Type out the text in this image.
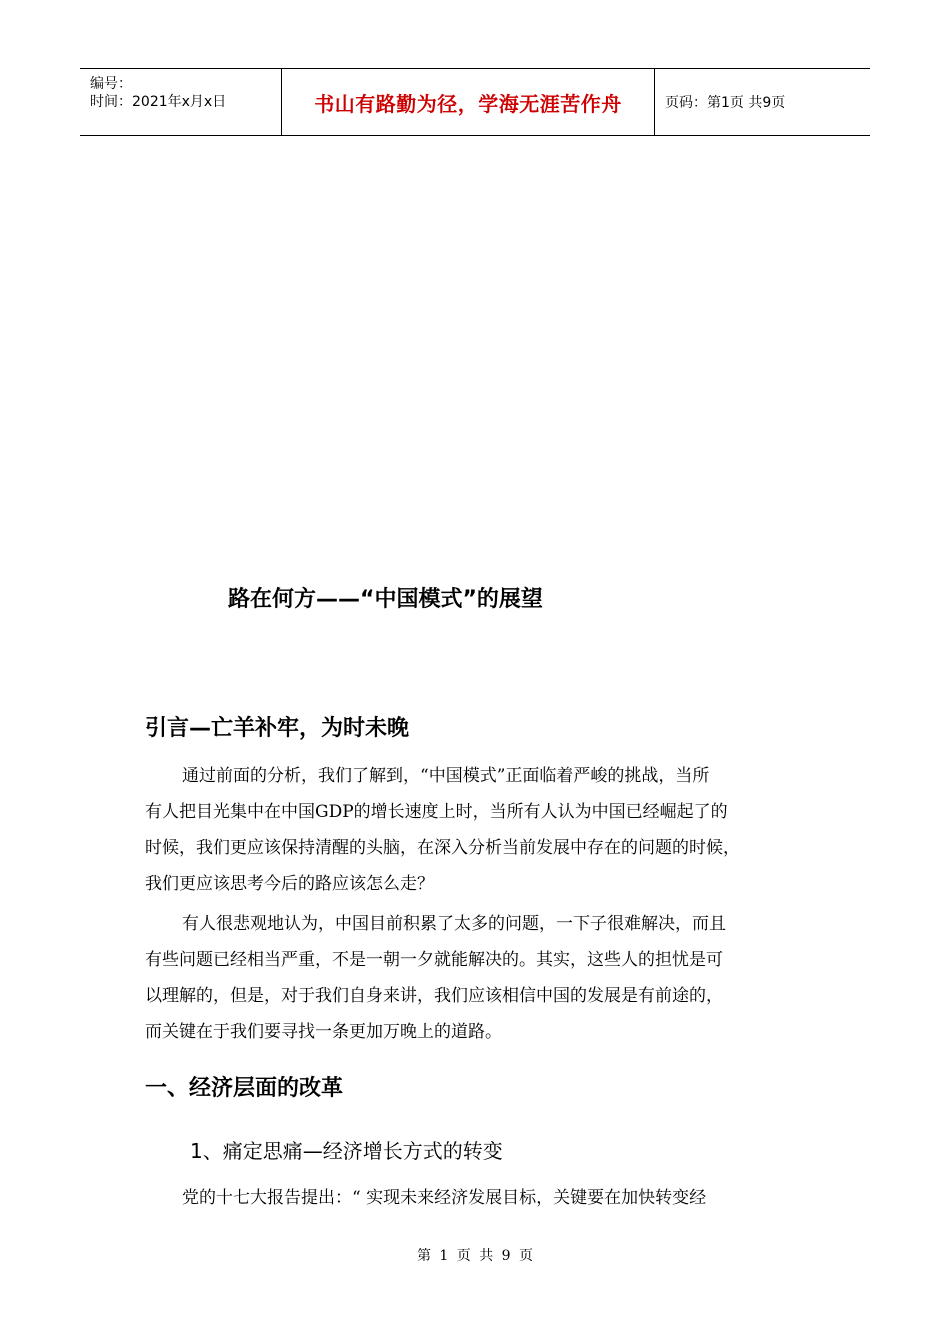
编号：
时间：2021年x月x日	书山有路勤为径，学海无涯苦作舟	页码：第1页 共9页
路在何方——“中国模式”的展望
引言—亡羊补牢，为时未晚

通过前面的分析，我们了解到，“中国模式”正面临着严峻的挑战，当所
有人把目光集中在中国GDP的增长速度上时，当所有人认为中国已经崛起了的
时候，我们更应该保持清醒的头脑，在深入分析当前发展中存在的问题的时候，
我们更应该思考今后的路应该怎么走？

有人很悲观地认为，中国目前积累了太多的问题，一下子很难解决，而且
有些问题已经相当严重，不是一朝一夕就能解决的。其实，这些人的担忧是可
以理解的，但是，对于我们自身来讲，我们应该相信中国的发展是有前途的，
而关键在于我们要寻找一条更加万晚上的道路。

一、经济层面的改革
1、痛定思痛—经济增长方式的转变

党的十七大报告提出：“ 实现未来经济发展目标，关键要在加快转变经

第 1 页 共 9 页
